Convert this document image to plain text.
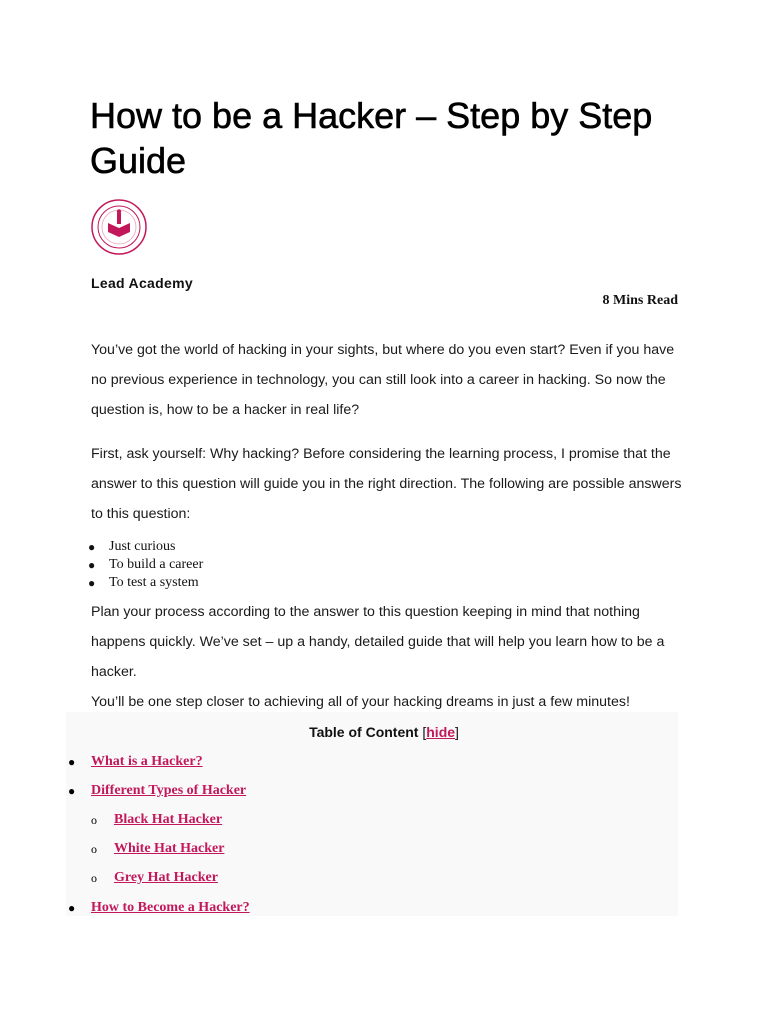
How to be a Hacker – Step by Step Guide
Lead Academy
8 Mins Read

You’ve got the world of hacking in your sights, but where do you even start? Even if you have no previous experience in technology, you can still look into a career in hacking. So now the question is, how to be a hacker in real life?

First, ask yourself: Why hacking? Before considering the learning process, I promise that the answer to this question will guide you in the right direction. The following are possible answers to this question:

● Just curious
● To build a career
● To test a system

Plan your process according to the answer to this question keeping in mind that nothing happens quickly. We’ve set – up a handy, detailed guide that will help you learn how to be a hacker.

You’ll be one step closer to achieving all of your hacking dreams in just a few minutes!

Table of Content [hide]
● What is a Hacker?
● Different Types of Hacker
o Black Hat Hacker
o White Hat Hacker
o Grey Hat Hacker
● How to Become a Hacker?
